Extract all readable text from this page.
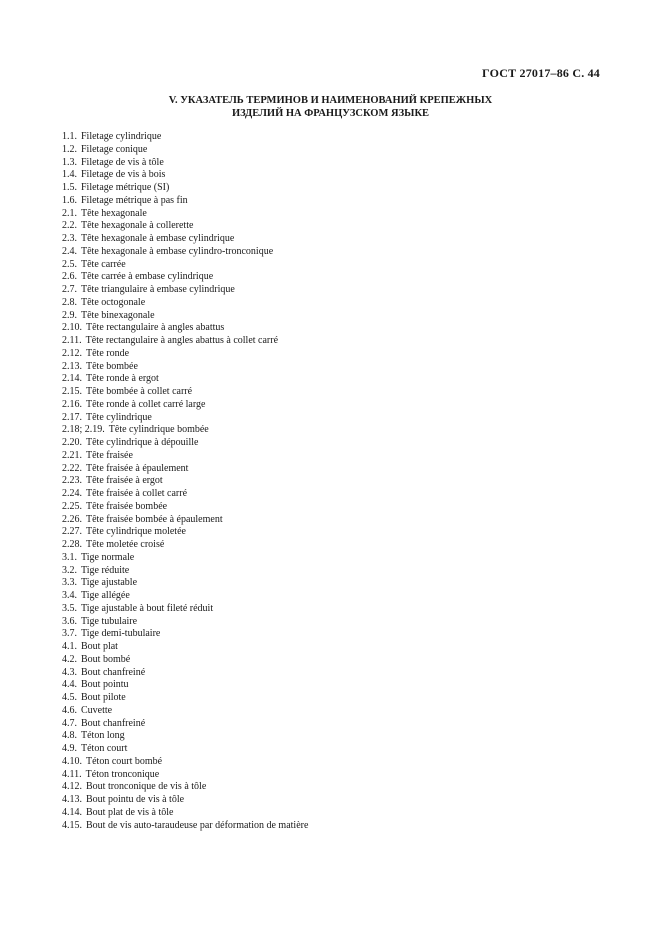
ГОСТ 27017–86 С. 44
V. УКАЗАТЕЛЬ ТЕРМИНОВ И НАИМЕНОВАНИЙ КРЕПЕЖНЫХ
ИЗДЕЛИЙ НА ФРАНЦУЗСКОМ ЯЗЫКЕ
1.1. Filetage cylindrique
1.2. Filetage conique
1.3. Filetage de vis à tôle
1.4. Filetage de vis à bois
1.5. Filetage métrique (SI)
1.6. Filetage métrique à pas fin
2.1. Tête hexagonale
2.2. Tête hexagonale à collerette
2.3. Tête hexagonale à embase cylindrique
2.4. Tête hexagonale à embase cylindro-tronconique
2.5. Tête carrée
2.6. Tête carrée à embase cylindrique
2.7. Tête triangulaire à embase cylindrique
2.8. Tête octogonale
2.9. Tête binexagonale
2.10. Tête rectangulaire à angles abattus
2.11. Tête rectangulaire à angles abattus à collet carré
2.12. Tête ronde
2.13. Tête bombée
2.14. Tête ronde à ergot
2.15. Tête bombée à collet carré
2.16. Tête ronde à collet carré large
2.17. Tête cylindrique
2.18; 2.19. Tête cylindrique bombée
2.20. Tête cylindrique à dépouille
2.21. Tête fraisée
2.22. Tête fraisée à épaulement
2.23. Tête fraisée à ergot
2.24. Tête fraisée à collet carré
2.25. Tête fraisée bombée
2.26. Tête fraisée bombée à épaulement
2.27. Tête cylindrique moletée
2.28. Tête moletée croisé
3.1. Tige normale
3.2. Tige réduite
3.3. Tige ajustable
3.4. Tige allégée
3.5. Tige ajustable à bout fileté réduit
3.6. Tige tubulaire
3.7. Tige demi-tubulaire
4.1. Bout plat
4.2. Bout bombé
4.3. Bout chanfreiné
4.4. Bout pointu
4.5. Bout pilote
4.6. Cuvette
4.7. Bout chanfreiné
4.8. Téton long
4.9. Téton court
4.10. Téton court bombé
4.11. Téton tronconique
4.12. Bout tronconique de vis à tôle
4.13. Bout pointu de vis à tôle
4.14. Bout plat de vis à tôle
4.15. Bout de vis auto-taraudeuse par déformation de matière
